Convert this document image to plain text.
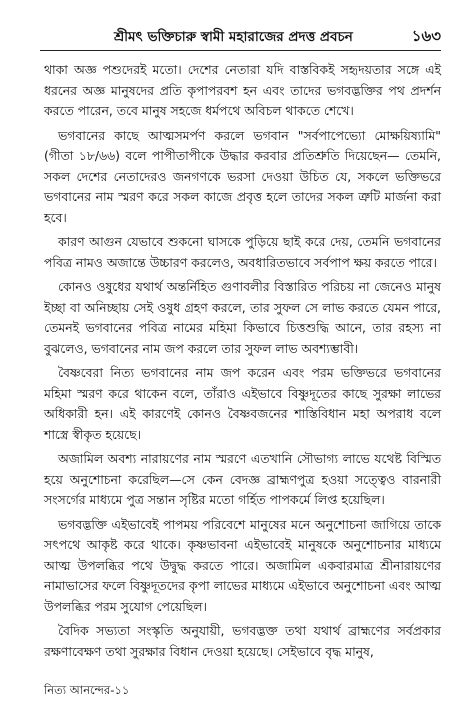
শ্রীমৎ ভক্তিচারু স্বামী মহারাজের প্রদত্ত প্রবচন	১৬৩

থাকা অজ্ঞ পশুদেরই মতো। দেশের নেতারা যদি বাস্তবিকই সহৃদয়তার সঙ্গে এই ধরনের অজ্ঞ মানুষদের প্রতি কৃপাপরবশ হন এবং তাদের ভগবদ্ভক্তির পথ প্রদর্শন করতে পারেন, তবে মানুষ সহজে ধর্মপথে অবিচল থাকতে শেখে।

ভগবানের কাছে আত্মসমর্পণ করলে ভগবান "সর্বপাপেভ্যো মোক্ষয়িষ্যামি" (গীতা ১৮/৬৬) বলে পাপীতাপীকে উদ্ধার করবার প্রতিশ্রুতি দিয়েছেন— তেমনি, সকল দেশের নেতাদেরও জনগণকে ভরসা দেওয়া উচিত যে, সকলে ভক্তিভরে ভগবানের নাম স্মরণ করে সকল কাজে প্রবৃত্ত হলে তাদের সকল ত্রুটি মার্জনা করা হবে।

কারণ আগুন যেভাবে শুকনো ঘাসকে পুড়িয়ে ছাই করে দেয়, তেমনি ভগবানের পবিত্র নামও অজান্তে উচ্চারণ করলেও, অবধারিতভাবে সর্বপাপ ক্ষয় করতে পারে।

কোনও ওষুধের যথার্থ অন্তর্নিহিত গুণাবলীর বিস্তারিত পরিচয় না জেনেও মানুষ ইচ্ছা বা অনিচ্ছায় সেই ওষুধ গ্রহণ করলে, তার সুফল সে লাভ করতে যেমন পারে, তেমনই ভগবানের পবিত্র নামের মহিমা কিভাবে চিত্তশুদ্ধি আনে, তার রহস্য না বুঝলেও, ভগবানের নাম জপ করলে তার সুফল লাভ অবশ্যম্ভাবী।

বৈষ্ণবেরা নিত্য ভগবানের নাম জপ করেন এবং পরম ভক্তিভরে ভগবানের মহিমা স্মরণ করে থাকেন বলে, তাঁরাও এইভাবে বিষ্ণুদূতের কাছে সুরক্ষা লাভের অধিকারী হন। এই কারণেই কোনও বৈষ্ণবজনের শাস্তিবিধান মহা অপরাধ বলে শাস্ত্রে স্বীকৃত হয়েছে।

অজামিল অবশ্য নারায়ণের নাম স্মরণে এতখানি সৌভাগ্য লাভে যথেষ্ট বিস্মিত হয়ে অনুশোচনা করেছিল—সে কেন বেদজ্ঞ ব্রাহ্মণপুত্র হওয়া সত্ত্বেও বারনারী সংসর্গের মাধ্যমে পুত্র সন্তান সৃষ্টির মতো গর্হিত পাপকর্মে লিপ্ত হয়েছিল।

ভগবদ্ভক্তি এইভাবেই পাপময় পরিবেশে মানুষের মনে অনুশোচনা জাগিয়ে তাকে সৎপথে আকৃষ্ট করে থাকে। কৃষ্ণভাবনা এইভাবেই মানুষকে অনুশোচনার মাধ্যমে আত্ম উপলব্ধির পথে উদ্বুদ্ধ করতে পারে। অজামিল একবারমাত্র শ্রীনারায়ণের নামাভাসের ফলে বিষ্ণুদূতদের কৃপা লাভের মাধ্যমে এইভাবে অনুশোচনা এবং আত্ম উপলব্ধির পরম সুযোগ পেয়েছিল।

বৈদিক সভ্যতা সংস্কৃতি অনুযায়ী, ভগবদ্ভক্ত তথা যথার্থ ব্রাহ্মণের সর্বপ্রকার রক্ষণাবেক্ষণ তথা সুরক্ষার বিধান দেওয়া হয়েছে। সেইভাবে বৃদ্ধ মানুষ,

নিত্য আনন্দের-১১
